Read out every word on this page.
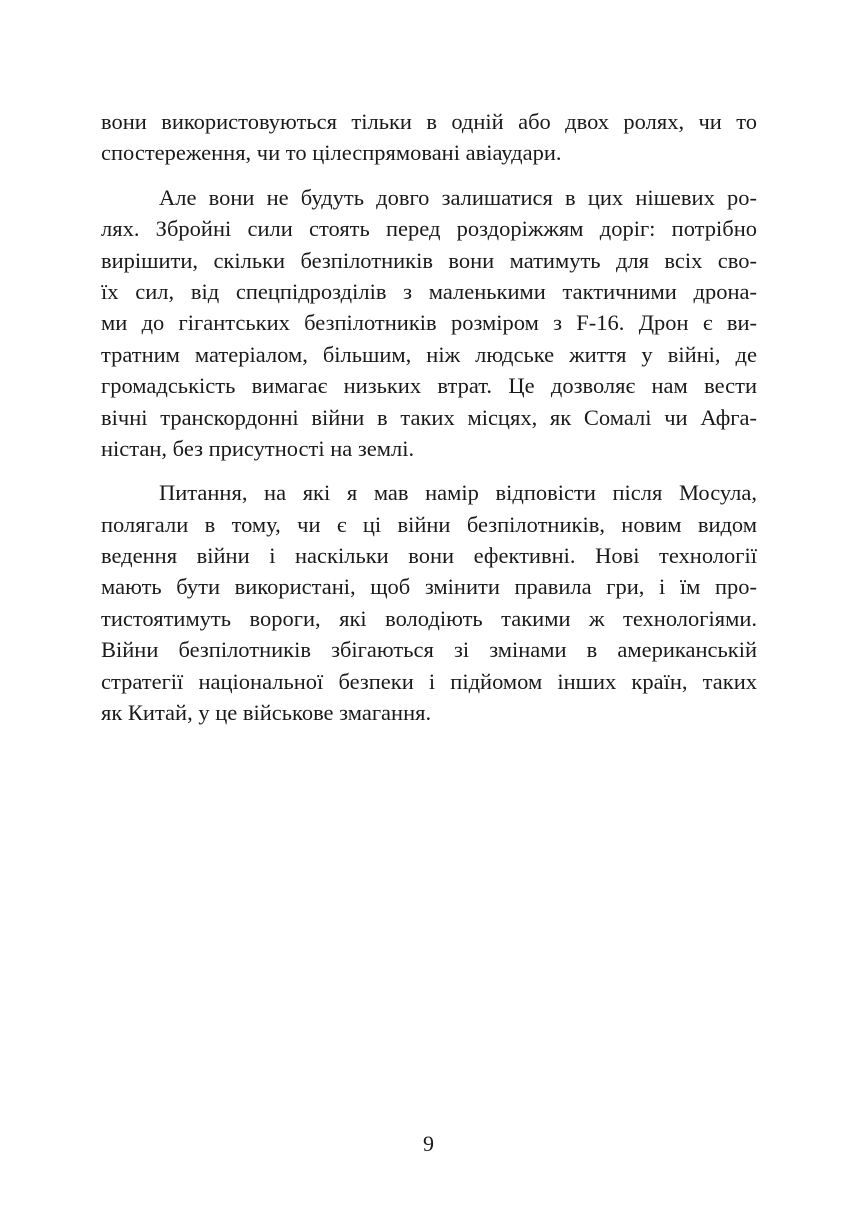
вони використовуються тільки в одній або двох ролях, чи то
спостереження, чи то цілеспрямовані авіаудари.
Але вони не будуть довго залишатися в цих нішевих ро-
лях. Збройні сили стоять перед роздоріжжям доріг: потрібно
вирішити, скільки безпілотників вони матимуть для всіх сво-
їх сил, від спецпідрозділів з маленькими тактичними дрона-
ми до гігантських безпілотників розміром з F-16. Дрон є ви-
тратним матеріалом, більшим, ніж людське життя у війні, де
громадськість вимагає низьких втрат. Це дозволяє нам вести
вічні транскордонні війни в таких місцях, як Сомалі чи Афга-
ністан, без присутності на землі.
Питання, на які я мав намір відповісти після Мосула,
полягали в тому, чи є ці війни безпілотників, новим видом
ведення війни і наскільки вони ефективні. Нові технології
мають бути використані, щоб змінити правила гри, і їм про-
тистоятимуть вороги, які володіють такими ж технологіями.
Війни безпілотників збігаються зі змінами в американській
стратегії національної безпеки і підйомом інших країн, таких
як Китай, у це військове змагання.
9
